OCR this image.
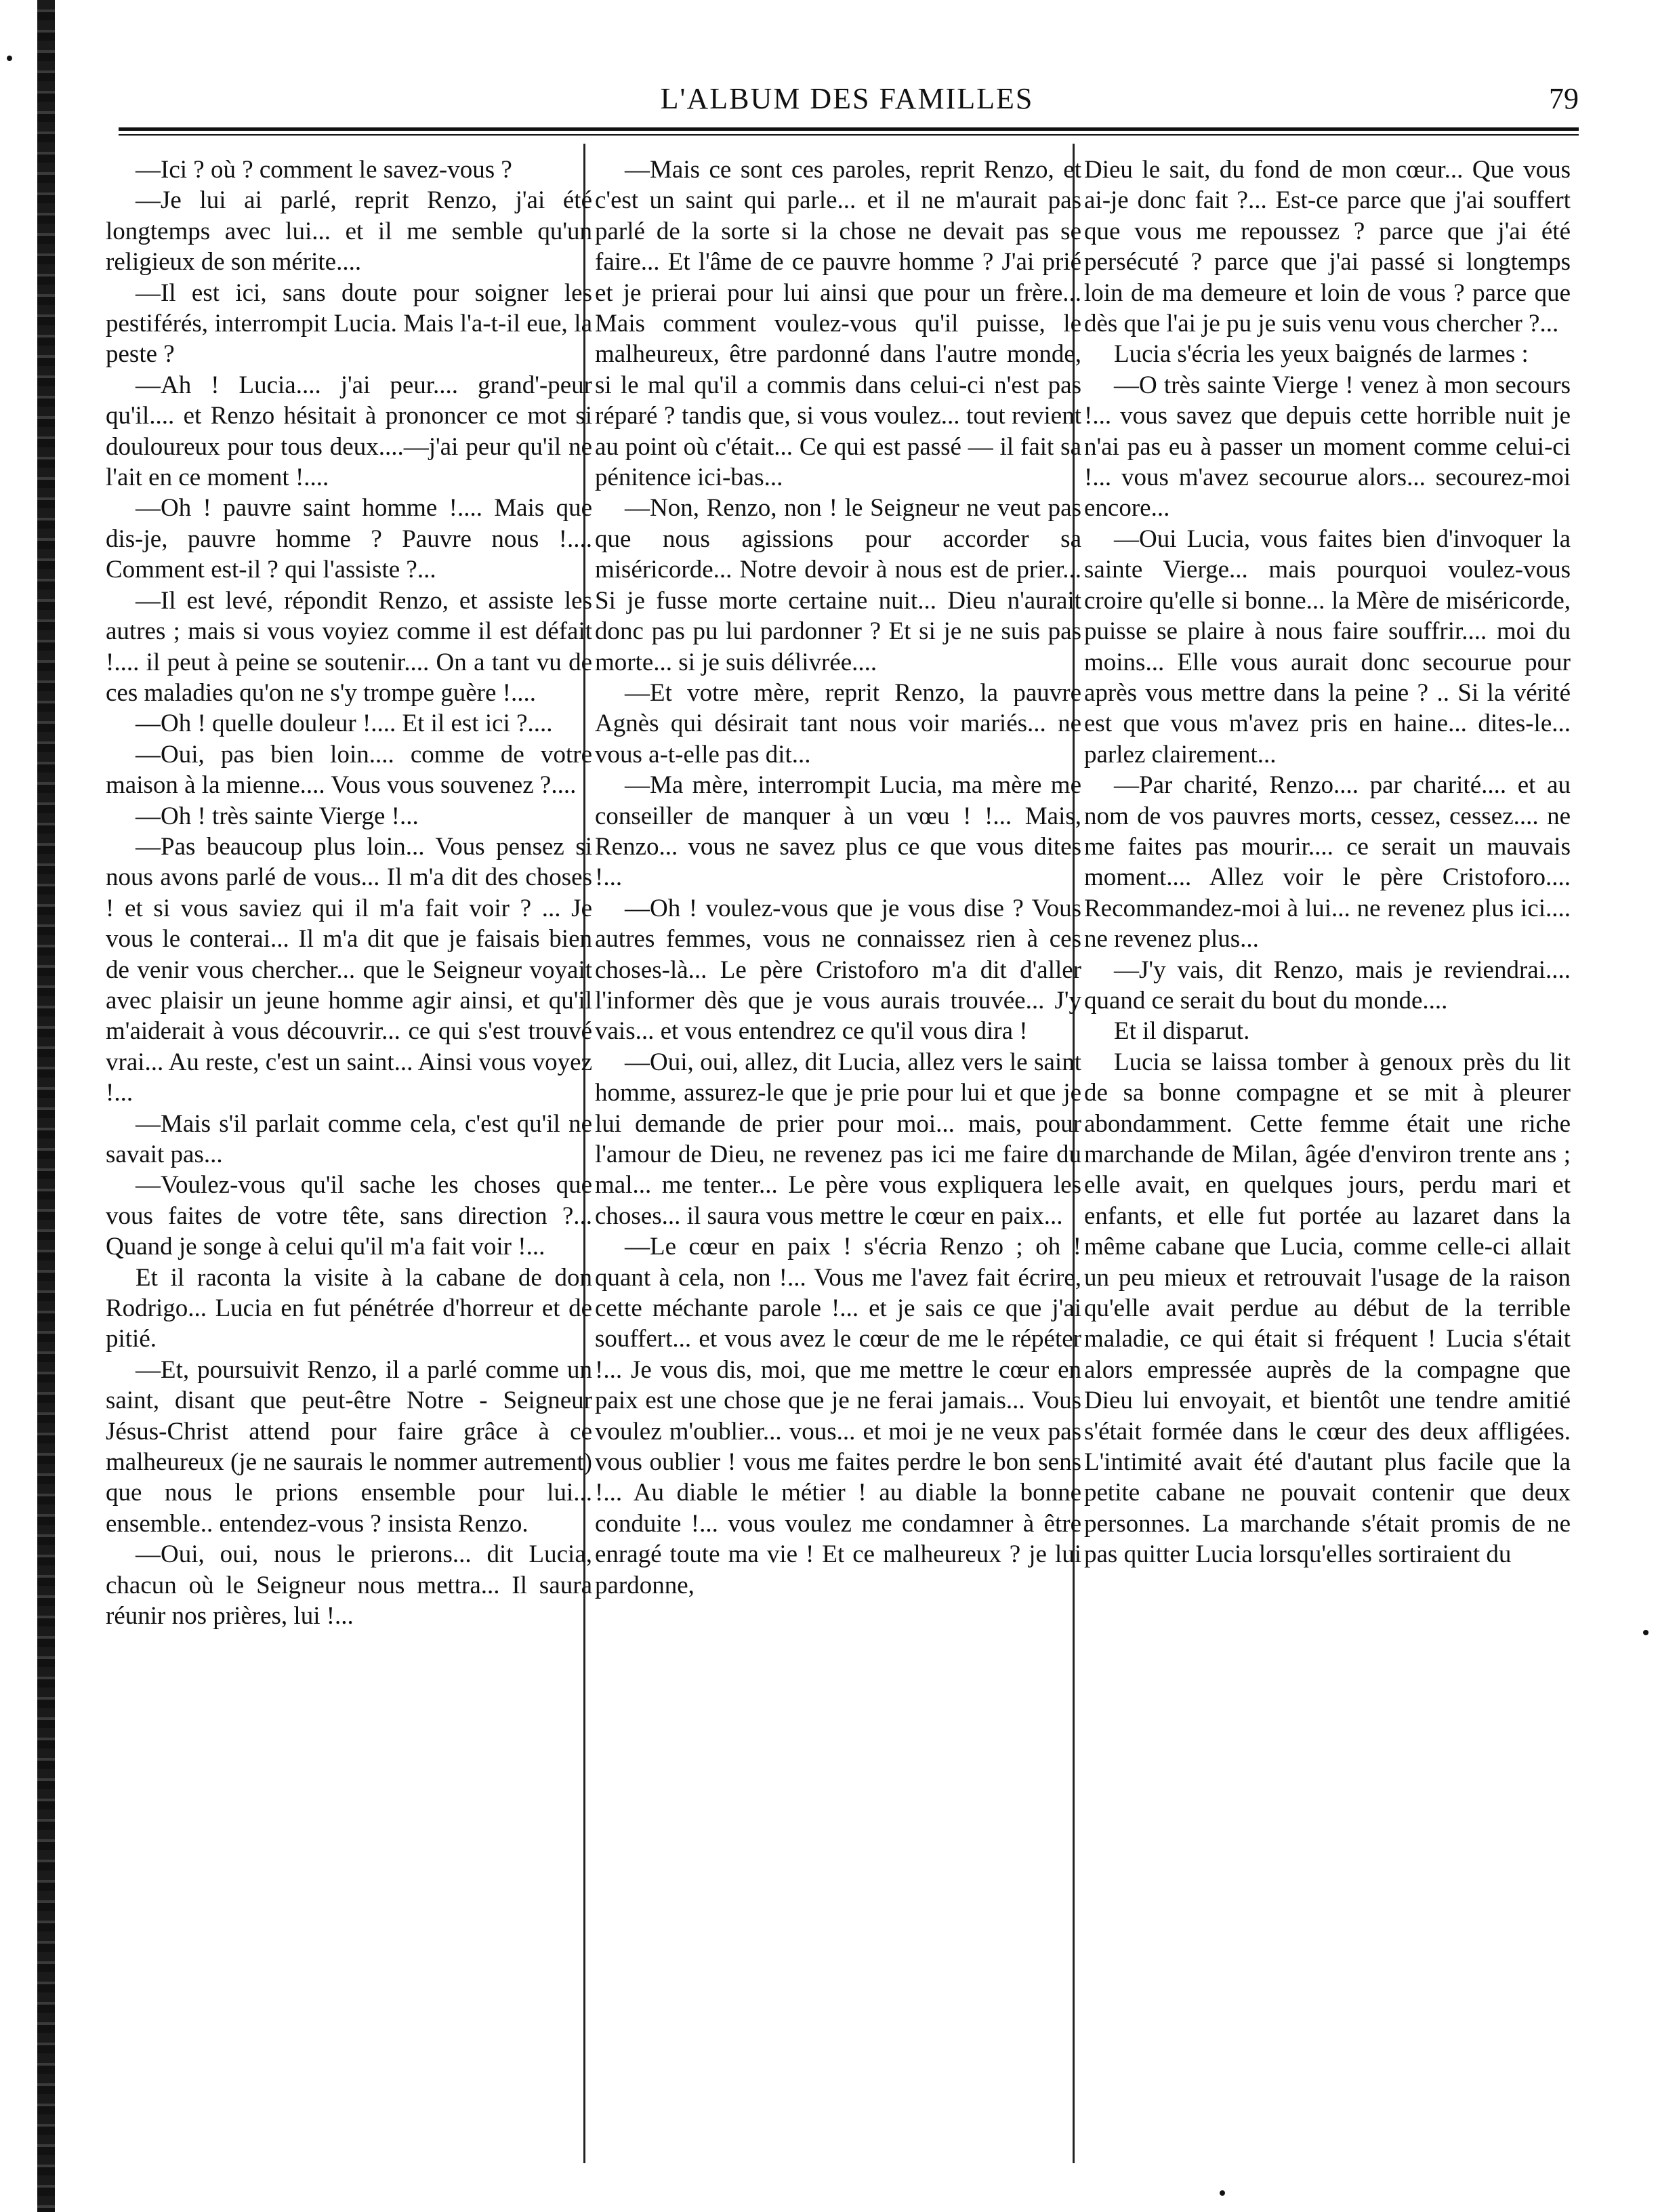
L'ALBUM DES FAMILLES	79

—Ici ? où ? comment le savez-vous ?

—Je lui ai parlé, reprit Renzo, j'ai été longtemps avec lui... et il me semble qu'un religieux de son mérite....

—Il est ici, sans doute pour soigner les pestiférés, interrompit Lucia. Mais l'a-t-il eue, la peste ?

—Ah ! Lucia.... j'ai peur.... grand'-peur qu'il.... et Renzo hésitait à prononcer ce mot si douloureux pour tous deux....—j'ai peur qu'il ne l'ait en ce moment !....

—Oh ! pauvre saint homme !.... Mais que dis-je, pauvre homme ? Pauvre nous !.... Comment est-il ? qui l'assiste ?...

—Il est levé, répondit Renzo, et assiste les autres ; mais si vous voyiez comme il est défait !.... il peut à peine se soutenir.... On a tant vu de ces maladies qu'on ne s'y trompe guère !....

—Oh ! quelle douleur !.... Et il est ici ?....

—Oui, pas bien loin.... comme de votre maison à la mienne.... Vous vous souvenez ?....

—Oh ! très sainte Vierge !...

—Pas beaucoup plus loin... Vous pensez si nous avons parlé de vous... Il m'a dit des choses ! et si vous saviez qui il m'a fait voir ? ... Je vous le conterai... Il m'a dit que je faisais bien de venir vous chercher... que le Seigneur voyait avec plaisir un jeune homme agir ainsi, et qu'il m'aiderait à vous découvrir... ce qui s'est trouvé vrai... Au reste, c'est un saint... Ainsi vous voyez !...

—Mais s'il parlait comme cela, c'est qu'il ne savait pas...

—Voulez-vous qu'il sache les choses que vous faites de votre tête, sans direction ?... Quand je songe à celui qu'il m'a fait voir !...

Et il raconta la visite à la cabane de don Rodrigo... Lucia en fut pénétrée d'horreur et de pitié.

—Et, poursuivit Renzo, il a parlé comme un saint, disant que peut-être Notre - Seigneur Jésus-Christ attend pour faire grâce à ce malheureux (je ne saurais le nommer autrement) que nous le prions ensemble pour lui... ensemble.. entendez-vous ? insista Renzo.

—Oui, oui, nous le prierons... dit Lucia, chacun où le Seigneur nous mettra... Il saura réunir nos prières, lui !...

—Mais ce sont ces paroles, reprit Renzo, et c'est un saint qui parle... et il ne m'aurait pas parlé de la sorte si la chose ne devait pas se faire... Et l'âme de ce pauvre homme ? J'ai prié et je prierai pour lui ainsi que pour un frère... Mais comment voulez-vous qu'il puisse, le malheureux, être pardonné dans l'autre monde, si le mal qu'il a commis dans celui-ci n'est pas réparé ? tandis que, si vous voulez... tout revient au point où c'était... Ce qui est passé — il fait sa pénitence ici-bas...

—Non, Renzo, non ! le Seigneur ne veut pas que nous agissions pour accorder sa miséricorde... Notre devoir à nous est de prier... Si je fusse morte certaine nuit... Dieu n'aurait donc pas pu lui pardonner ? Et si je ne suis pas morte... si je suis délivrée....

—Et votre mère, reprit Renzo, la pauvre Agnès qui désirait tant nous voir mariés... ne vous a-t-elle pas dit...

—Ma mère, interrompit Lucia, ma mère me conseiller de manquer à un vœu ! !... Mais, Renzo... vous ne savez plus ce que vous dites !...

—Oh ! voulez-vous que je vous dise ? Vous autres femmes, vous ne connaissez rien à ces choses-là... Le père Cristoforo m'a dit d'aller l'informer dès que je vous aurais trouvée... J'y vais... et vous entendrez ce qu'il vous dira !

—Oui, oui, allez, dit Lucia, allez vers le saint homme, assurez-le que je prie pour lui et que je lui demande de prier pour moi... mais, pour l'amour de Dieu, ne revenez pas ici me faire du mal... me tenter... Le père vous expliquera les choses... il saura vous mettre le cœur en paix...

—Le cœur en paix ! s'écria Renzo ; oh ! quant à cela, non !... Vous me l'avez fait écrire, cette méchante parole !... et je sais ce que j'ai souffert... et vous avez le cœur de me le répéter !... Je vous dis, moi, que me mettre le cœur en paix est une chose que je ne ferai jamais... Vous voulez m'oublier... vous... et moi je ne veux pas vous oublier ! vous me faites perdre le bon sens !... Au diable le métier ! au diable la bonne conduite !... vous voulez me condamner à être enragé toute ma vie ! Et ce malheureux ? je lui pardonne,

Dieu le sait, du fond de mon cœur... Que vous ai-je donc fait ?... Est-ce parce que j'ai souffert que vous me repoussez ? parce que j'ai été persécuté ? parce que j'ai passé si longtemps loin de ma demeure et loin de vous ? parce que dès que l'ai je pu je suis venu vous chercher ?...

Lucia s'écria les yeux baignés de larmes :

—O très sainte Vierge ! venez à mon secours !... vous savez que depuis cette horrible nuit je n'ai pas eu à passer un moment comme celui-ci !... vous m'avez secourue alors... secourez-moi encore...

—Oui Lucia, vous faites bien d'invoquer la sainte Vierge... mais pourquoi voulez-vous croire qu'elle si bonne... la Mère de miséricorde, puisse se plaire à nous faire souffrir.... moi du moins... Elle vous aurait donc secourue pour après vous mettre dans la peine ? .. Si la vérité est que vous m'avez pris en haine... dites-le... parlez clairement...

—Par charité, Renzo.... par charité.... et au nom de vos pauvres morts, cessez, cessez.... ne me faites pas mourir.... ce serait un mauvais moment.... Allez voir le père Cristoforo.... Recommandez-moi à lui... ne revenez plus ici.... ne revenez plus...

—J'y vais, dit Renzo, mais je reviendrai.... quand ce serait du bout du monde....

Et il disparut.

Lucia se laissa tomber à genoux près du lit de sa bonne compagne et se mit à pleurer abondamment. Cette femme était une riche marchande de Milan, âgée d'environ trente ans ; elle avait, en quelques jours, perdu mari et enfants, et elle fut portée au lazaret dans la même cabane que Lucia, comme celle-ci allait un peu mieux et retrouvait l'usage de la raison qu'elle avait perdue au début de la terrible maladie, ce qui était si fréquent ! Lucia s'était alors empressée auprès de la compagne que Dieu lui envoyait, et bientôt une tendre amitié s'était formée dans le cœur des deux affligées. L'intimité avait été d'autant plus facile que la petite cabane ne pouvait contenir que deux personnes. La marchande s'était promis de ne pas quitter Lucia lorsqu'elles sortiraient du
